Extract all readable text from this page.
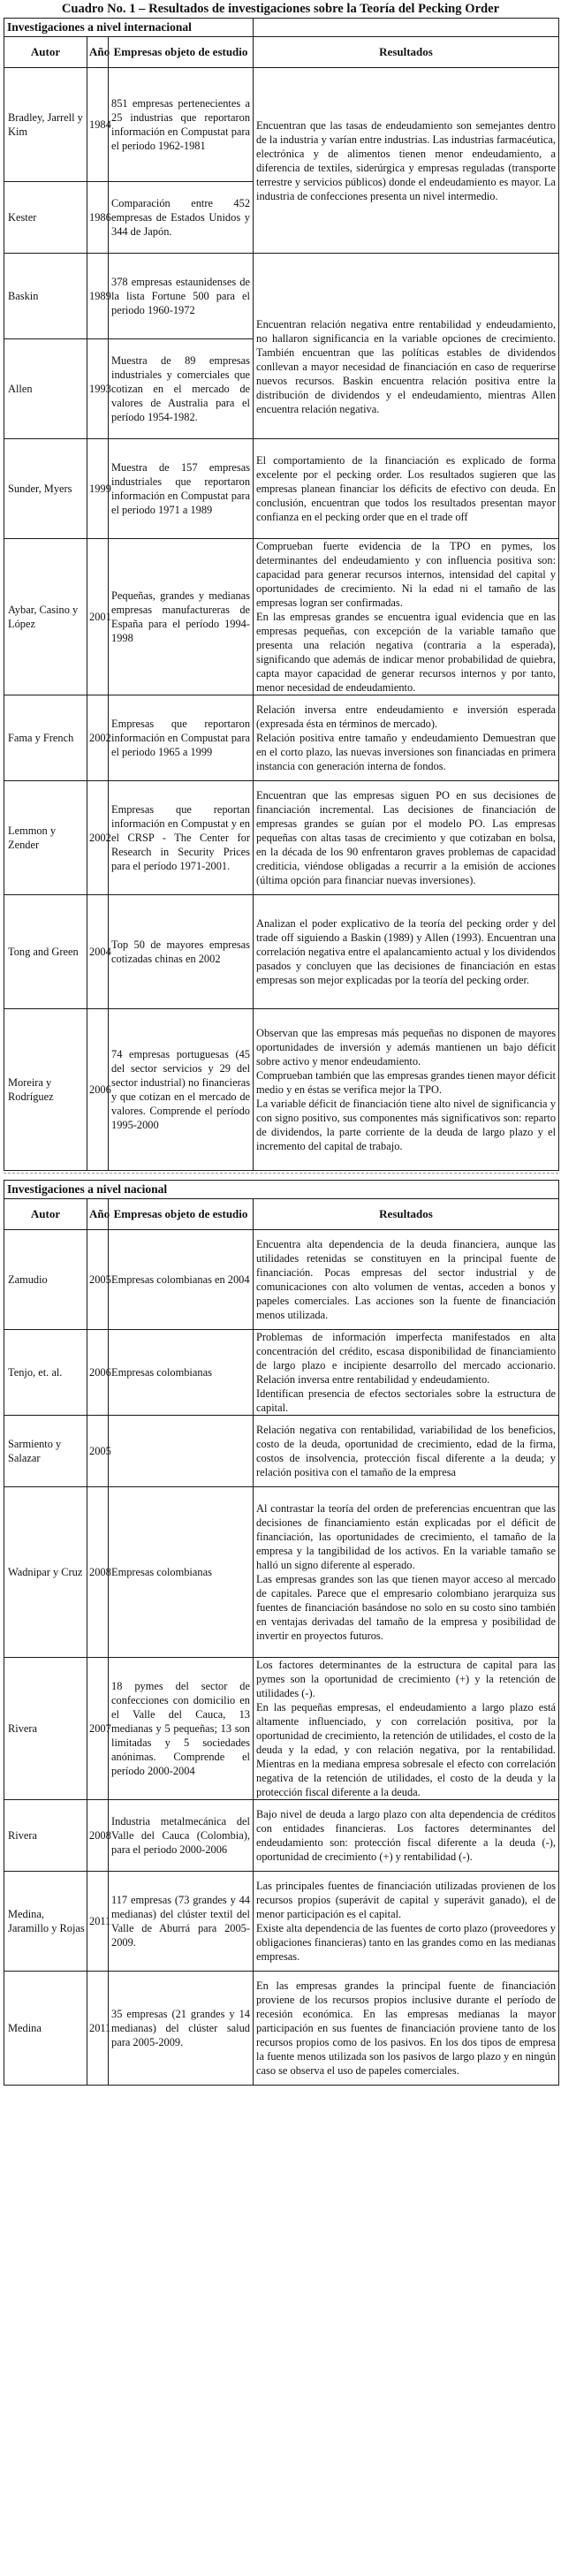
Cuadro No. 1 – Resultados de investigaciones sobre la Teoría del Pecking Order
Investigaciones a nivel internacional			
Autor	Año	Empresas objeto de estudio	Resultados
Bradley, Jarrell y Kim	1984	851 empresas pertenecientes a 25 industrias que reportaron información en Compustat para el periodo 1962-1981	Encuentran que las tasas de endeudamiento son semejantes dentro de la industria y varían entre industrias. Las industrias farmacéutica, electrónica y de alimentos tienen menor endeudamiento, a diferencia de textiles, siderúrgica y empresas reguladas (transporte terrestre y servicios públicos) donde el endeudamiento es mayor. La industria de confecciones presenta un nivel intermedio.
Kester	1986	Comparación entre 452 empresas de Estados Unidos y 344 de Japón.	
Baskin	1989	378 empresas estaunidenses de la lista Fortune 500 para el periodo 1960-1972	Encuentran relación negativa entre rentabilidad y endeudamiento, no hallaron significancia en la variable opciones de crecimiento. También encuentran que las políticas estables de dividendos conllevan a mayor necesidad de financiación en caso de requerirse nuevos recursos. Baskin encuentra relación positiva entre la distribución de dividendos y el endeudamiento, mientras Allen encuentra relación negativa.
Allen	1993	Muestra de 89 empresas industriales y comerciales que cotizan en el mercado de valores de Australia para el período 1954-1982.	
Sunder, Myers	1999	Muestra de 157 empresas industriales que reportaron información en Compustat para el periodo 1971 a 1989	El comportamiento de la financiación es explicado de forma excelente por el pecking order. Los resultados sugieren que las empresas planean financiar los déficits de efectivo con deuda. En conclusión, encuentran que todos los resultados presentan mayor confianza en el pecking order que en el trade off
Aybar, Casino y López	2001	Pequeñas, grandes y medianas empresas manufactureras de España para el período 1994-1998	Comprueban fuerte evidencia de la TPO en pymes, los determinantes del endeudamiento y con influencia positiva son: capacidad para generar recursos internos, intensidad del capital y oportunidades de crecimiento. Ni la edad ni el tamaño de las empresas logran ser confirmadas.
En las empresas grandes se encuentra igual evidencia que en las empresas pequeñas, con excepción de la variable tamaño que presenta una relación negativa (contraria a la esperada), significando que además de indicar menor probabilidad de quiebra, capta mayor capacidad de generar recursos internos y por tanto, menor necesidad de endeudamiento.

Fama y French	2002	Empresas que reportaron información en Compustat para el periodo 1965 a 1999	Relación inversa entre endeudamiento e inversión esperada (expresada ésta en términos de mercado).
Relación positiva entre tamaño y endeudamiento Demuestran que en el corto plazo, las nuevas inversiones son financiadas en primera instancia con generación interna de fondos.

Lemmon y Zender	2002	Empresas que reportan información en Compustat y en el CRSP - The Center for Research in Security Prices para el período 1971-2001.	Encuentran que las empresas siguen PO en sus decisiones de financiación incremental. Las decisiones de financiación de empresas grandes se guían por el modelo PO. Las empresas pequeñas con altas tasas de crecimiento y que cotizaban en bolsa, en la década de los 90 enfrentaron graves problemas de capacidad crediticia, viéndose obligadas a recurrir a la emisión de acciones (última opción para financiar nuevas inversiones).
Tong and Green	2004	Top 50 de mayores empresas cotizadas chinas en 2002	Analizan el poder explicativo de la teoría del pecking order y del trade off siguiendo a Baskin (1989) y Allen (1993). Encuentran una correlación negativa entre el apalancamiento actual y los dividendos pasados y concluyen que las decisiones de financiación en estas empresas son mejor explicadas por la teoría del pecking order.
Moreira y Rodríguez	2006	74 empresas portuguesas (45 del sector servicios y 29 del sector industrial) no financieras y que cotizan en el mercado de valores. Comprende el período 1995-2000	Observan que las empresas más pequeñas no disponen de mayores oportunidades de inversión y además mantienen un bajo déficit sobre activo y menor endeudamiento.
Comprueban también que las empresas grandes tienen mayor déficit medio y en éstas se verifica mejor la TPO.
La variable déficit de financiación tiene alto nivel de significancia y con signo positivo, sus componentes más significativos son: reparto de dividendos, la parte corriente de la deuda de largo plazo y el incremento del capital de trabajo.
Investigaciones a nivel nacional			
Autor	Año	Empresas objeto de estudio	Resultados
Zamudio	2005	Empresas colombianas en 2004	Encuentra alta dependencia de la deuda financiera, aunque las utilidades retenidas se constituyen en la principal fuente de financiación. Pocas empresas del sector industrial y de comunicaciones con alto volumen de ventas, acceden a bonos y papeles comerciales. Las acciones son la fuente de financiación menos utilizada.
Tenjo, et. al.	2006	Empresas colombianas	Problemas de información imperfecta manifestados en alta concentración del crédito, escasa disponibilidad de financiamiento de largo plazo e incipiente desarrollo del mercado accionario. Relación inversa entre rentabilidad y endeudamiento.
Identifican presencia de efectos sectoriales sobre la estructura de capital.

Sarmiento y Salazar	2005		Relación negativa con rentabilidad, variabilidad de los beneficios, costo de la deuda, oportunidad de crecimiento, edad de la firma, costos de insolvencia, protección fiscal diferente a la deuda; y relación positiva con el tamaño de la empresa
Wadnipar y Cruz	2008	Empresas colombianas	Al contrastar la teoría del orden de preferencias encuentran que las decisiones de financiamiento están explicadas por el déficit de financiación, las oportunidades de crecimiento, el tamaño de la empresa y la tangibilidad de los activos. En la variable tamaño se halló un signo diferente al esperado.
Las empresas grandes son las que tienen mayor acceso al mercado de capitales. Parece que el empresario colombiano jerarquiza sus fuentes de financiación basándose no solo en su costo sino también en ventajas derivadas del tamaño de la empresa y posibilidad de invertir en proyectos futuros.

Rivera	2007	18 pymes del sector de confecciones con domicilio en el Valle del Cauca, 13 medianas y 5 pequeñas; 13 son limitadas y 5 sociedades anónimas. Comprende el período 2000-2004	Los factores determinantes de la estructura de capital para las pymes son la oportunidad de crecimiento (+) y la retención de utilidades (-).
En las pequeñas empresas, el endeudamiento a largo plazo está altamente influenciado, y con correlación positiva, por la oportunidad de crecimiento, la retención de utilidades, el costo de la deuda y la edad, y con relación negativa, por la rentabilidad. Mientras en la mediana empresa sobresale el efecto con correlación negativa de la retención de utilidades, el costo de la deuda y la protección fiscal diferente a la deuda.

Rivera	2008	Industria metalmecánica del Valle del Cauca (Colombia), para el periodo 2000-2006	Bajo nivel de deuda a largo plazo con alta dependencia de créditos con entidades financieras. Los factores determinantes del endeudamiento son: protección fiscal diferente a la deuda (-), oportunidad de crecimiento (+) y rentabilidad (-).
Medina, Jaramillo y Rojas	2011	117 empresas (73 grandes y 44 medianas) del clúster textil del Valle de Aburrá para 2005-2009.	Las principales fuentes de financiación utilizadas provienen de los recursos propios (superávit de capital y superávit ganado), el de menor participación es el capital.
Existe alta dependencia de las fuentes de corto plazo (proveedores y obligaciones financieras) tanto en las grandes como en las medianas empresas.

Medina	2011	35 empresas (21 grandes y 14 medianas) del clúster salud para 2005-2009.	En las empresas grandes la principal fuente de financiación proviene de los recursos propios inclusive durante el período de recesión económica. En las empresas medianas la mayor participación en sus fuentes de financiación proviene tanto de los recursos propios como de los pasivos. En los dos tipos de empresa la fuente menos utilizada son los pasivos de largo plazo y en ningún caso se observa el uso de papeles comerciales.
